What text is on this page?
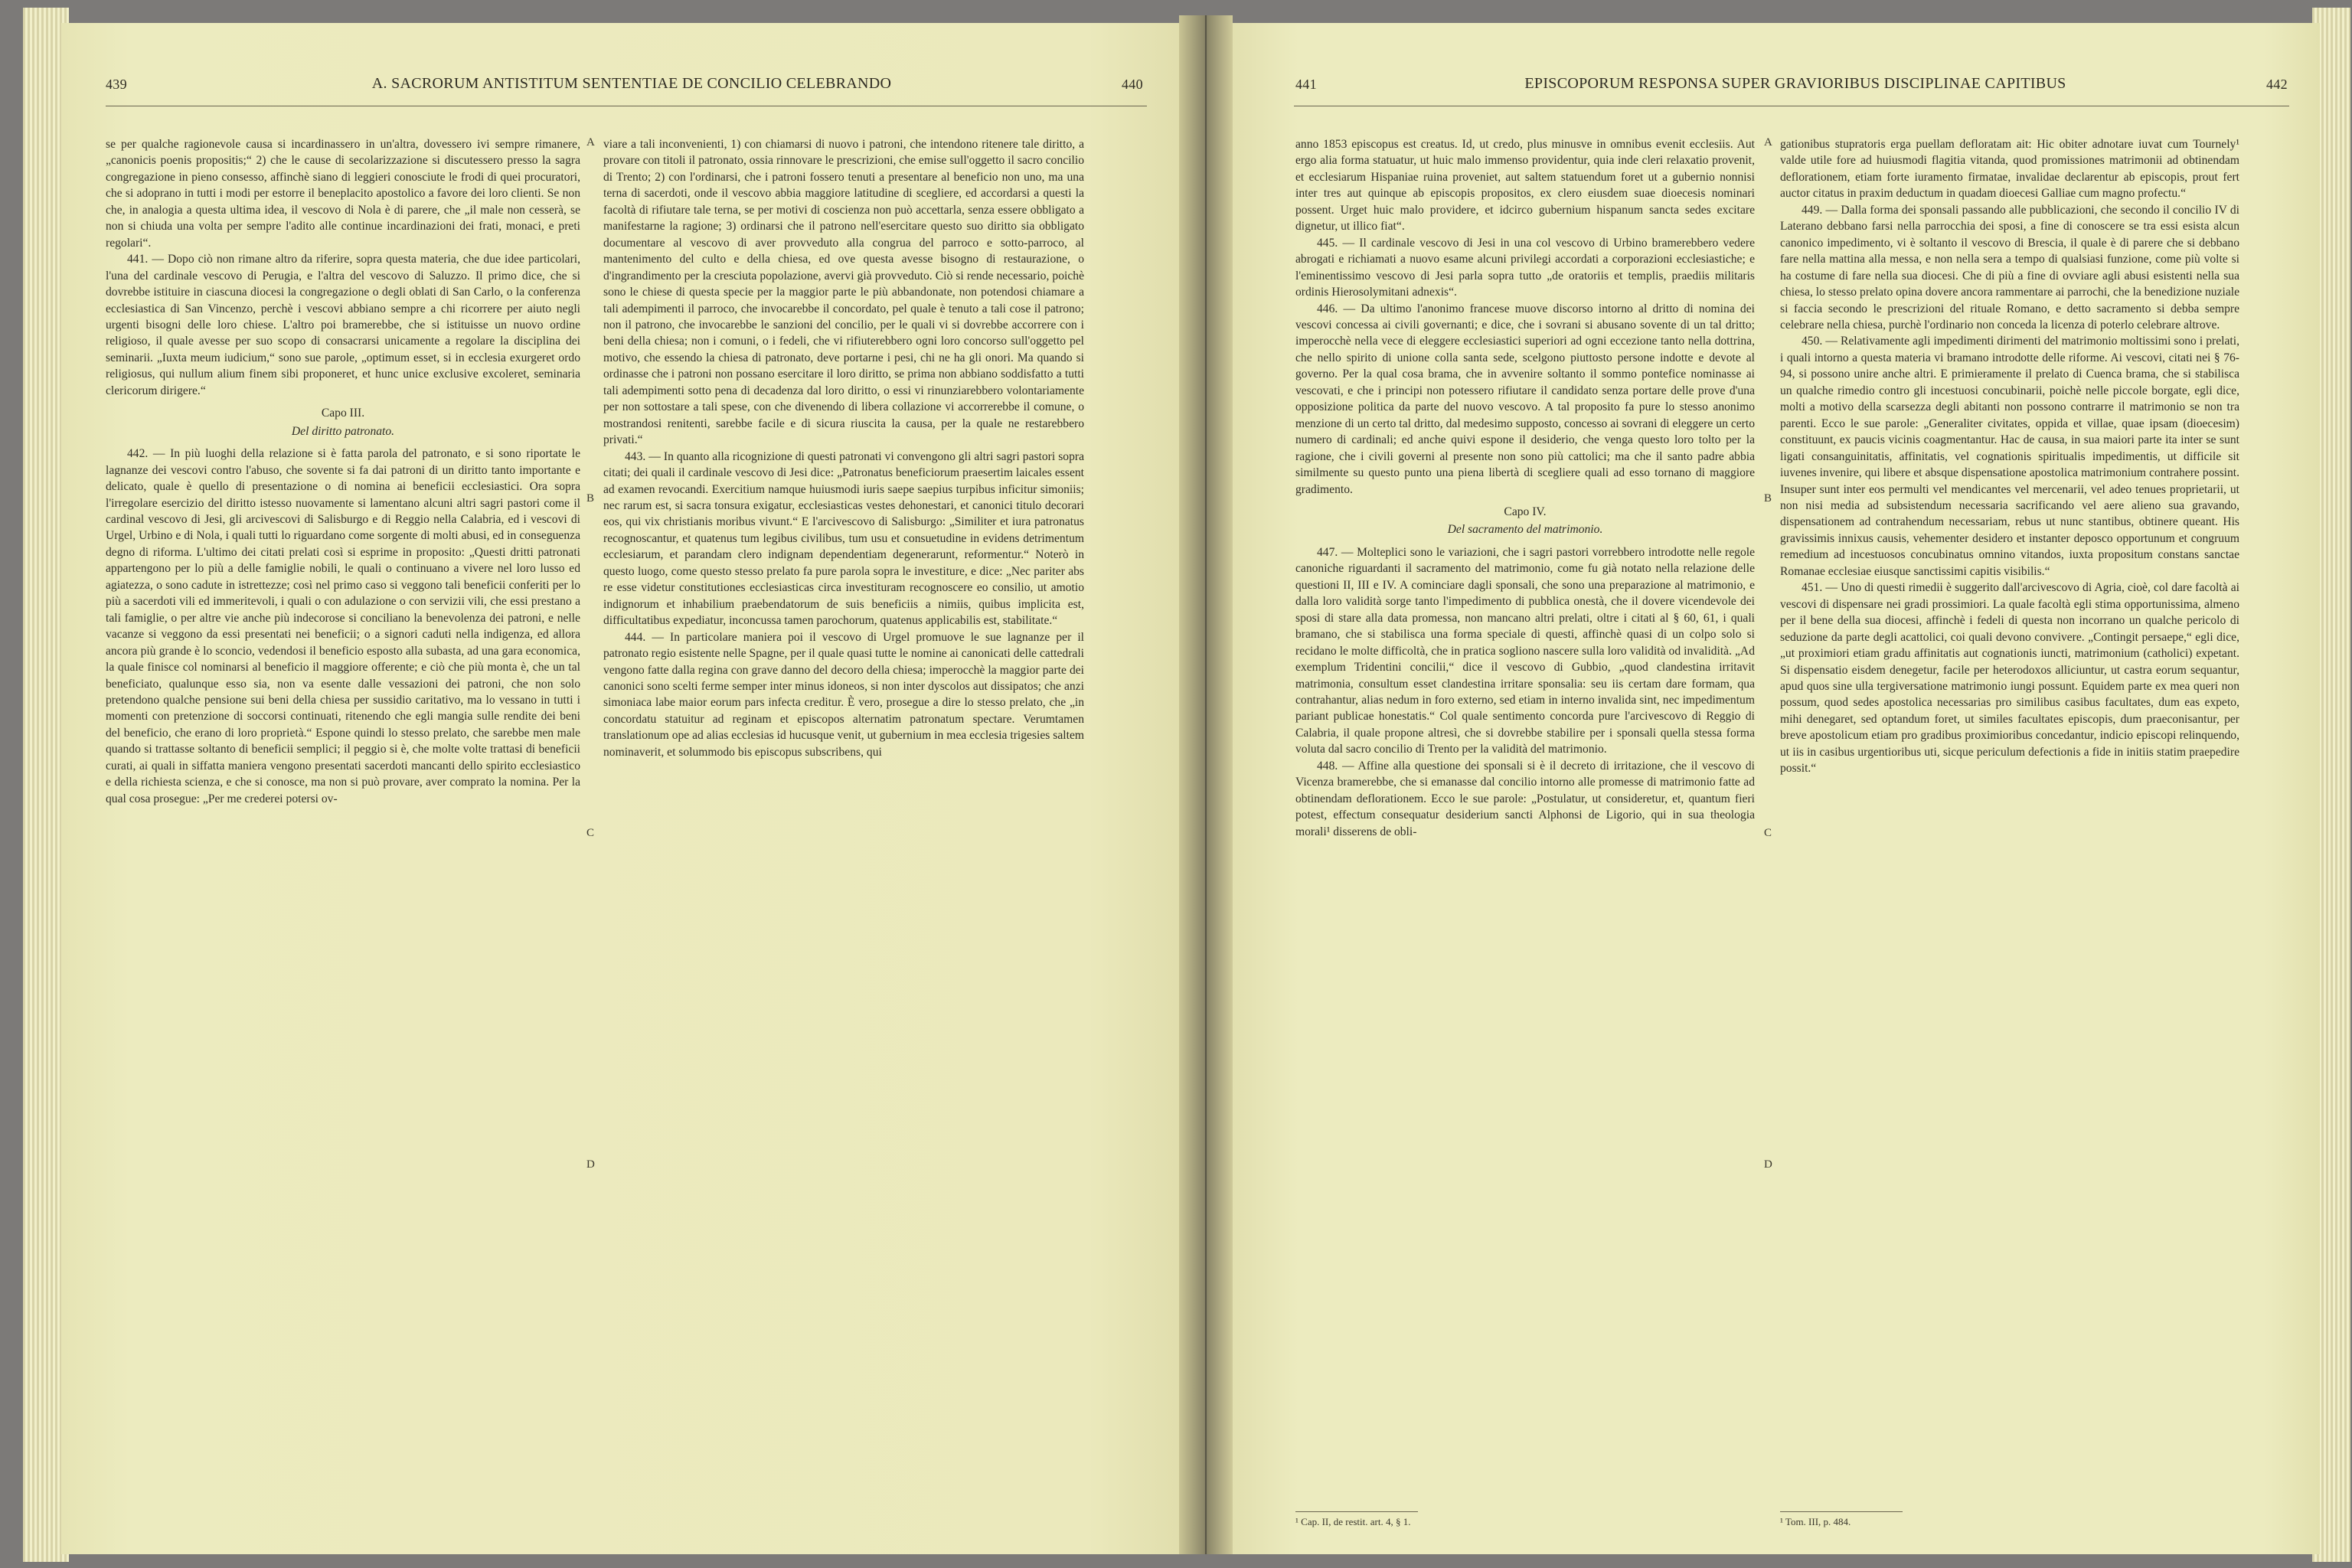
439	A. SACRORUM ANTISTITUM SENTENTIAE DE CONCILIO CELEBRANDO	440

se per qualche ragionevole causa si incardinassero in un'altra, dovessero ivi sempre rimanere, „canonicis poenis propositis;“ 2) che le cause di secolarizzazione si discutessero presso la sagra congregazione in pieno consesso, affinchè siano di leggieri conosciute le frodi di quei procuratori, che si adoprano in tutti i modi per estorre il beneplacito apostolico a favore dei loro clienti. Se non che, in analogia a questa ultima idea, il vescovo di Nola è di parere, che „il male non cesserà, se non si chiuda una volta per sempre l'adito alle continue incardinazioni dei frati, monaci, e preti regolari“.

441. — Dopo ciò non rimane altro da riferire, sopra questa materia, che due idee particolari, l'una del cardinale vescovo di Perugia, e l'altra del vescovo di Saluzzo. Il primo dice, che si dovrebbe istituire in ciascuna diocesi la congregazione o degli oblati di San Carlo, o la conferenza ecclesiastica di San Vincenzo, perchè i vescovi abbiano sempre a chi ricorrere per aiuto negli urgenti bisogni delle loro chiese. L'altro poi bramerebbe, che si istituisse un nuovo ordine religioso, il quale avesse per suo scopo di consacrarsi unicamente a regolare la disciplina dei seminarii. „Iuxta meum iudicium,“ sono sue parole, „optimum esset, si in ecclesia exurgeret ordo religiosus, qui nullum alium finem sibi proponeret, et hunc unice exclusive excoleret, seminaria clericorum dirigere.“

Capo III.

Del diritto patronato.

442. — In più luoghi della relazione si è fatta parola del patronato, e si sono riportate le lagnanze dei vescovi contro l'abuso, che sovente si fa dai patroni di un diritto tanto importante e delicato, quale è quello di presentazione o di nomina ai beneficii ecclesiastici. Ora sopra l'irregolare esercizio del diritto istesso nuovamente si lamentano alcuni altri sagri pastori come il cardinal vescovo di Jesi, gli arcivescovi di Salisburgo e di Reggio nella Calabria, ed i vescovi di Urgel, Urbino e di Nola, i quali tutti lo riguardano come sorgente di molti abusi, ed in conseguenza degno di riforma. L'ultimo dei citati prelati così si esprime in proposito: „Questi dritti patronati appartengono per lo più a delle famiglie nobili, le quali o continuano a vivere nel loro lusso ed agiatezza, o sono cadute in istrettezze; così nel primo caso si veggono tali beneficii conferiti per lo più a sacerdoti vili ed immeritevoli, i quali o con adulazione o con servizii vili, che essi prestano a tali famiglie, o per altre vie anche più indecorose si conciliano la benevolenza dei patroni, e nelle vacanze si veggono da essi presentati nei beneficii; o a signori caduti nella indigenza, ed allora ancora più grande è lo sconcio, vedendosi il beneficio esposto alla subasta, ad una gara economica, la quale finisce col nominarsi al beneficio il maggiore offerente; e ciò che più monta è, che un tal beneficiato, qualunque esso sia, non va esente dalle vessazioni dei patroni, che non solo pretendono qualche pensione sui beni della chiesa per sussidio caritativo, ma lo vessano in tutti i momenti con pretenzione di soccorsi continuati, ritenendo che egli mangia sulle rendite dei beni del beneficio, che erano di loro proprietà.“ Espone quindi lo stesso prelato, che sarebbe men male quando si trattasse soltanto di beneficii semplici; il peggio si è, che molte volte trattasi di beneficii curati, ai quali in siffatta maniera vengono presentati sacerdoti mancanti dello spirito ecclesiastico e della richiesta scienza, e che si conosce, ma non si può provare, aver comprato la nomina. Per la qual cosa prosegue: „Per me crederei potersi ov-

viare a tali inconvenienti, 1) con chiamarsi di nuovo i patroni, che intendono ritenere tale diritto, a provare con titoli il patronato, ossia rinnovare le prescrizioni, che emise sull'oggetto il sacro concilio di Trento; 2) con l'ordinarsi, che i patroni fossero tenuti a presentare al beneficio non uno, ma una terna di sacerdoti, onde il vescovo abbia maggiore latitudine di scegliere, ed accordarsi a questi la facoltà di rifiutare tale terna, se per motivi di coscienza non può accettarla, senza essere obbligato a manifestarne la ragione; 3) ordinarsi che il patrono nell'esercitare questo suo diritto sia obbligato documentare al vescovo di aver provveduto alla congrua del parroco e sotto-parroco, al mantenimento del culto e della chiesa, ed ove questa avesse bisogno di restaurazione, o d'ingrandimento per la cresciuta popolazione, avervi già provveduto. Ciò si rende necessario, poichè sono le chiese di questa specie per la maggior parte le più abbandonate, non potendosi chiamare a tali adempimenti il parroco, che invocarebbe il concordato, pel quale è tenuto a tali cose il patrono; non il patrono, che invocarebbe le sanzioni del concilio, per le quali vi si dovrebbe accorrere con i beni della chiesa; non i comuni, o i fedeli, che vi rifiuterebbero ogni loro concorso sull'oggetto pel motivo, che essendo la chiesa di patronato, deve portarne i pesi, chi ne ha gli onori. Ma quando si ordinasse che i patroni non possano esercitare il loro diritto, se prima non abbiano soddisfatto a tutti tali adempimenti sotto pena di decadenza dal loro diritto, o essi vi rinunziarebbero volontariamente per non sottostare a tali spese, con che divenendo di libera collazione vi accorrerebbe il comune, o mostrandosi renitenti, sarebbe facile e di sicura riuscita la causa, per la quale ne restarebbero privati.“

443. — In quanto alla ricognizione di questi patronati vi convengono gli altri sagri pastori sopra citati; dei quali il cardinale vescovo di Jesi dice: „Patronatus beneficiorum praesertim laicales essent ad examen revocandi. Exercitium namque huiusmodi iuris saepe saepius turpibus inficitur simoniis; nec rarum est, si sacra tonsura exigatur, ecclesiasticas vestes dehonestari, et canonici titulo decorari eos, qui vix christianis moribus vivunt.“ E l'arcivescovo di Salisburgo: „Similiter et iura patronatus recognoscantur, et quatenus tum legibus civilibus, tum usu et consuetudine in evidens detrimentum ecclesiarum, et parandam clero indignam dependentiam degenerarunt, reformentur.“ Noterò in questo luogo, come questo stesso prelato fa pure parola sopra le investiture, e dice: „Nec pariter abs re esse videtur constitutiones ecclesiasticas circa investituram recognoscere eo consilio, ut amotio indignorum et inhabilium praebendatorum de suis beneficiis a nimiis, quibus implicita est, difficultatibus expediatur, inconcussa tamen parochorum, quatenus applicabilis est, stabilitate.“

444. — In particolare maniera poi il vescovo di Urgel promuove le sue lagnanze per il patronato regio esistente nelle Spagne, per il quale quasi tutte le nomine ai canonicati delle cattedrali vengono fatte dalla regina con grave danno del decoro della chiesa; imperocchè la maggior parte dei canonici sono scelti ferme semper inter minus idoneos, si non inter dyscolos aut dissipatos; che anzi simoniaca labe maior eorum pars infecta creditur. È vero, prosegue a dire lo stesso prelato, che „in concordatu statuitur ad reginam et episcopos alternatim patronatum spectare. Verumtamen translationum ope ad alias ecclesias id hucusque venit, ut gubernium in mea ecclesia trigesies saltem nominaverit, et solummodo bis episcopus subscribens, qui

A
B
C
D
441	EPISCOPORUM RESPONSA SUPER GRAVIORIBUS DISCIPLINAE CAPITIBUS	442

anno 1853 episcopus est creatus. Id, ut credo, plus minusve in omnibus evenit ecclesiis. Aut ergo alia forma statuatur, ut huic malo immenso providentur, quia inde cleri relaxatio provenit, et ecclesiarum Hispaniae ruina proveniet, aut saltem statuendum foret ut a gubernio nonnisi inter tres aut quinque ab episcopis propositos, ex clero eiusdem suae dioecesis nominari possent. Urget huic malo providere, et idcirco gubernium hispanum sancta sedes excitare dignetur, ut illico fiat“.

445. — Il cardinale vescovo di Jesi in una col vescovo di Urbino bramerebbero vedere abrogati e richiamati a nuovo esame alcuni privilegi accordati a corporazioni ecclesiastiche; e l'eminentissimo vescovo di Jesi parla sopra tutto „de oratoriis et templis, praediis militaris ordinis Hierosolymitani adnexis“.

446. — Da ultimo l'anonimo francese muove discorso intorno al dritto di nomina dei vescovi concessa ai civili governanti; e dice, che i sovrani si abusano sovente di un tal dritto; imperocchè nella vece di eleggere ecclesiastici superiori ad ogni eccezione tanto nella dottrina, che nello spirito di unione colla santa sede, scelgono piuttosto persone indotte e devote al governo. Per la qual cosa brama, che in avvenire soltanto il sommo pontefice nominasse ai vescovati, e che i principi non potessero rifiutare il candidato senza portare delle prove d'una opposizione politica da parte del nuovo vescovo. A tal proposito fa pure lo stesso anonimo menzione di un certo tal dritto, dal medesimo supposto, concesso ai sovrani di eleggere un certo numero di cardinali; ed anche quivi espone il desiderio, che venga questo loro tolto per la ragione, che i civili governi al presente non sono più cattolici; ma che il santo padre abbia similmente su questo punto una piena libertà di scegliere quali ad esso tornano di maggiore gradimento.

Capo IV.

Del sacramento del matrimonio.

447. — Molteplici sono le variazioni, che i sagri pastori vorrebbero introdotte nelle regole canoniche riguardanti il sacramento del matrimonio, come fu già notato nella relazione delle questioni II, III e IV. A cominciare dagli sponsali, che sono una preparazione al matrimonio, e dalla loro validità sorge tanto l'impedimento di pubblica onestà, che il dovere vicendevole dei sposi di stare alla data promessa, non mancano altri prelati, oltre i citati al § 60, 61, i quali bramano, che si stabilisca una forma speciale di questi, affinchè quasi di un colpo solo si recidano le molte difficoltà, che in pratica sogliono nascere sulla loro validità od invalidità. „Ad exemplum Tridentini concilii,“ dice il vescovo di Gubbio, „quod clandestina irritavit matrimonia, consultum esset clandestina irritare sponsalia: seu iis certam dare formam, qua contrahantur, alias nedum in foro externo, sed etiam in interno invalida sint, nec impedimentum pariant publicae honestatis.“ Col quale sentimento concorda pure l'arcivescovo di Reggio di Calabria, il quale propone altresì, che si dovrebbe stabilire per i sponsali quella stessa forma voluta dal sacro concilio di Trento per la validità del matrimonio.

448. — Affine alla questione dei sponsali si è il decreto di irritazione, che il vescovo di Vicenza bramerebbe, che si emanasse dal concilio intorno alle promesse di matrimonio fatte ad obtinendam deflorationem. Ecco le sue parole: „Postulatur, ut consideretur, et, quantum fieri potest, effectum consequatur desiderium sancti Alphonsi de Ligorio, qui in sua theologia morali¹ disserens de obli-

gationibus stupratoris erga puellam defloratam ait: Hic obiter adnotare iuvat cum Tournely¹ valde utile fore ad huiusmodi flagitia vitanda, quod promissiones matrimonii ad obtinendam deflorationem, etiam forte iuramento firmatae, invalidae declarentur ab episcopis, prout fert auctor citatus in praxim deductum in quadam dioecesi Galliae cum magno profectu.“

449. — Dalla forma dei sponsali passando alle pubblicazioni, che secondo il concilio IV di Laterano debbano farsi nella parrocchia dei sposi, a fine di conoscere se tra essi esista alcun canonico impedimento, vi è soltanto il vescovo di Brescia, il quale è di parere che si debbano fare nella mattina alla messa, e non nella sera a tempo di qualsiasi funzione, come più volte si ha costume di fare nella sua diocesi. Che di più a fine di ovviare agli abusi esistenti nella sua chiesa, lo stesso prelato opina dovere ancora rammentare ai parrochi, che la benedizione nuziale si faccia secondo le prescrizioni del rituale Romano, e detto sacramento si debba sempre celebrare nella chiesa, purchè l'ordinario non conceda la licenza di poterlo celebrare altrove.

450. — Relativamente agli impedimenti dirimenti del matrimonio moltissimi sono i prelati, i quali intorno a questa materia vi bramano introdotte delle riforme. Ai vescovi, citati nei § 76-94, si possono unire anche altri. E primieramente il prelato di Cuenca brama, che si stabilisca un qualche rimedio contro gli incestuosi concubinarii, poichè nelle piccole borgate, egli dice, molti a motivo della scarsezza degli abitanti non possono contrarre il matrimonio se non tra parenti. Ecco le sue parole: „Generaliter civitates, oppida et villae, quae ipsam (dioecesim) constituunt, ex paucis vicinis coagmentantur. Hac de causa, in sua maiori parte ita inter se sunt ligati consanguinitatis, affinitatis, vel cognationis spiritualis impedimentis, ut difficile sit iuvenes invenire, qui libere et absque dispensatione apostolica matrimonium contrahere possint. Insuper sunt inter eos permulti vel mendicantes vel mercenarii, vel adeo tenues proprietarii, ut non nisi media ad subsistendum necessaria sacrificando vel aere alieno sua gravando, dispensationem ad contrahendum necessariam, rebus ut nunc stantibus, obtinere queant. His gravissimis innixus causis, vehementer desidero et instanter deposco opportunum et congruum remedium ad incestuosos concubinatus omnino vitandos, iuxta propositum constans sanctae Romanae ecclesiae eiusque sanctissimi capitis visibilis.“

451. — Uno di questi rimedii è suggerito dall'arcivescovo di Agria, cioè, col dare facoltà ai vescovi di dispensare nei gradi prossimiori. La quale facoltà egli stima opportunissima, almeno per il bene della sua diocesi, affinchè i fedeli di questa non incorrano un qualche pericolo di seduzione da parte degli acattolici, coi quali devono convivere. „Contingit persaepe,“ egli dice, „ut proximiori etiam gradu affinitatis aut cognationis iuncti, matrimonium (catholici) expetant. Si dispensatio eisdem denegetur, facile per heterodoxos alliciuntur, ut castra eorum sequantur, apud quos sine ulla tergiversatione matrimonio iungi possunt. Equidem parte ex mea queri non possum, quod sedes apostolica necessarias pro similibus casibus facultates, dum eas expeto, mihi denegaret, sed optandum foret, ut similes facultates episcopis, dum praeconisantur, per breve apostolicum etiam pro gradibus proximioribus concedantur, indicio episcopi relinquendo, ut iis in casibus urgentioribus uti, sicque periculum defectionis a fide in initiis statim praepedire possit.“

A
B
C
D
¹ Cap. II, de restit. art. 4, § 1.	¹ Tom. III, p. 484.
